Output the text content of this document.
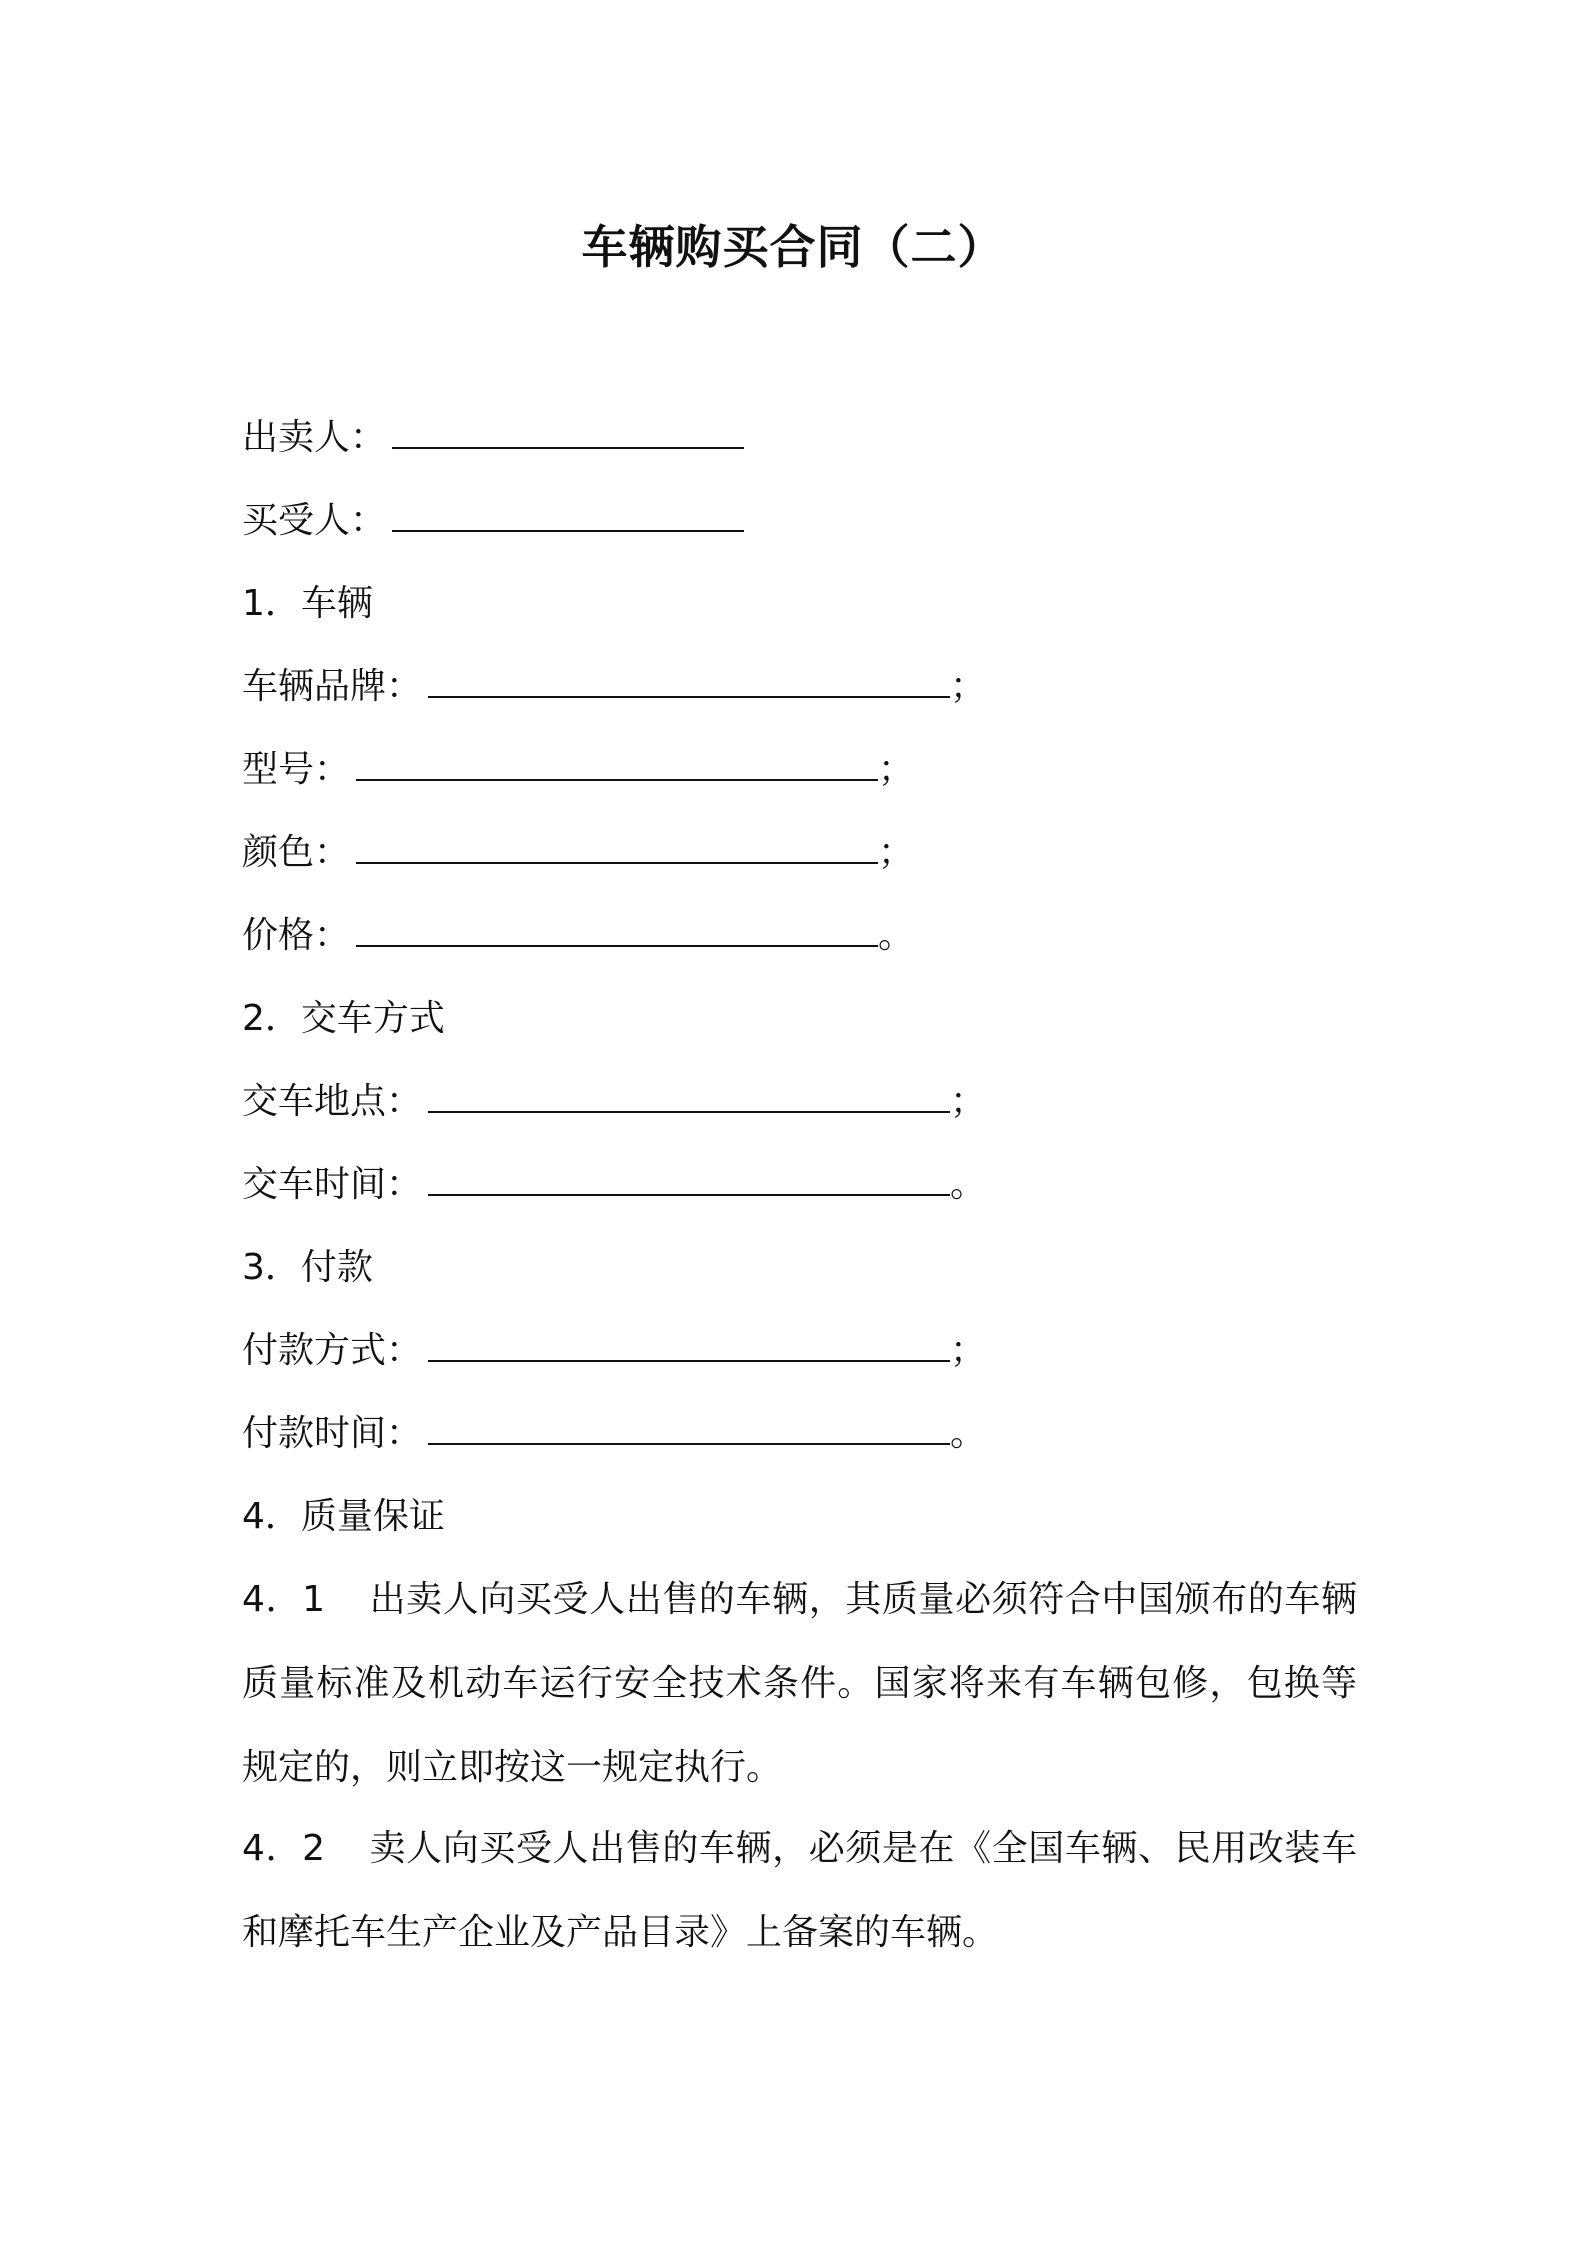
车辆购买合同（二）
出卖人：
买受人：
1．车辆
车辆品牌：	；
型号：	；
颜色：	；
价格：	。
2．交车方式
交车地点：	；
交车时间：	。
3．付款
付款方式：	；
付款时间：	。
4．质量保证
4．1 出卖人向买受人出售的车辆，其质量必须符合中国颁布的车辆质量标准及机动车运行安全技术条件。国家将来有车辆包修，包换等规定的，则立即按这一规定执行。
4．2 卖人向买受人出售的车辆，必须是在《全国车辆、民用改装车和摩托车生产企业及产品目录》上备案的车辆。
